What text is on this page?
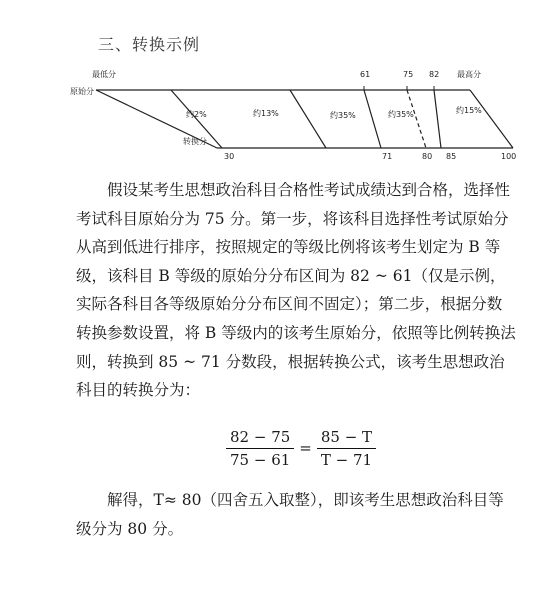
三、转换示例
最低分	最高分
原始分
61	75 82
转换分
30	71	80 85	100
约2%	约13%	约35%	约35%	约15%

假设某考生思想政治科目合格性考试成绩达到合格，选择性考试科目原始分为 75 分。第一步，将该科目选择性考试原始分从高到低进行排序，按照规定的等级比例将该考生划定为 B 等级，该科目 B 等级的原始分分布区间为 82 ~ 61（仅是示例，实际各科目各等级原始分分布区间不固定）；第二步，根据分数转换参数设置，将 B 等级内的该考生原始分，依照等比例转换法则，转换到 85 ~ 71 分数段，根据转换公式，该考生思想政治科目的转换分为：

$\frac{82 - 75}{75 - 61} = \frac{85 - T}{T - 71}$

解得，T≈ 80（四舍五入取整），即该考生思想政治科目等级分为 80 分。
